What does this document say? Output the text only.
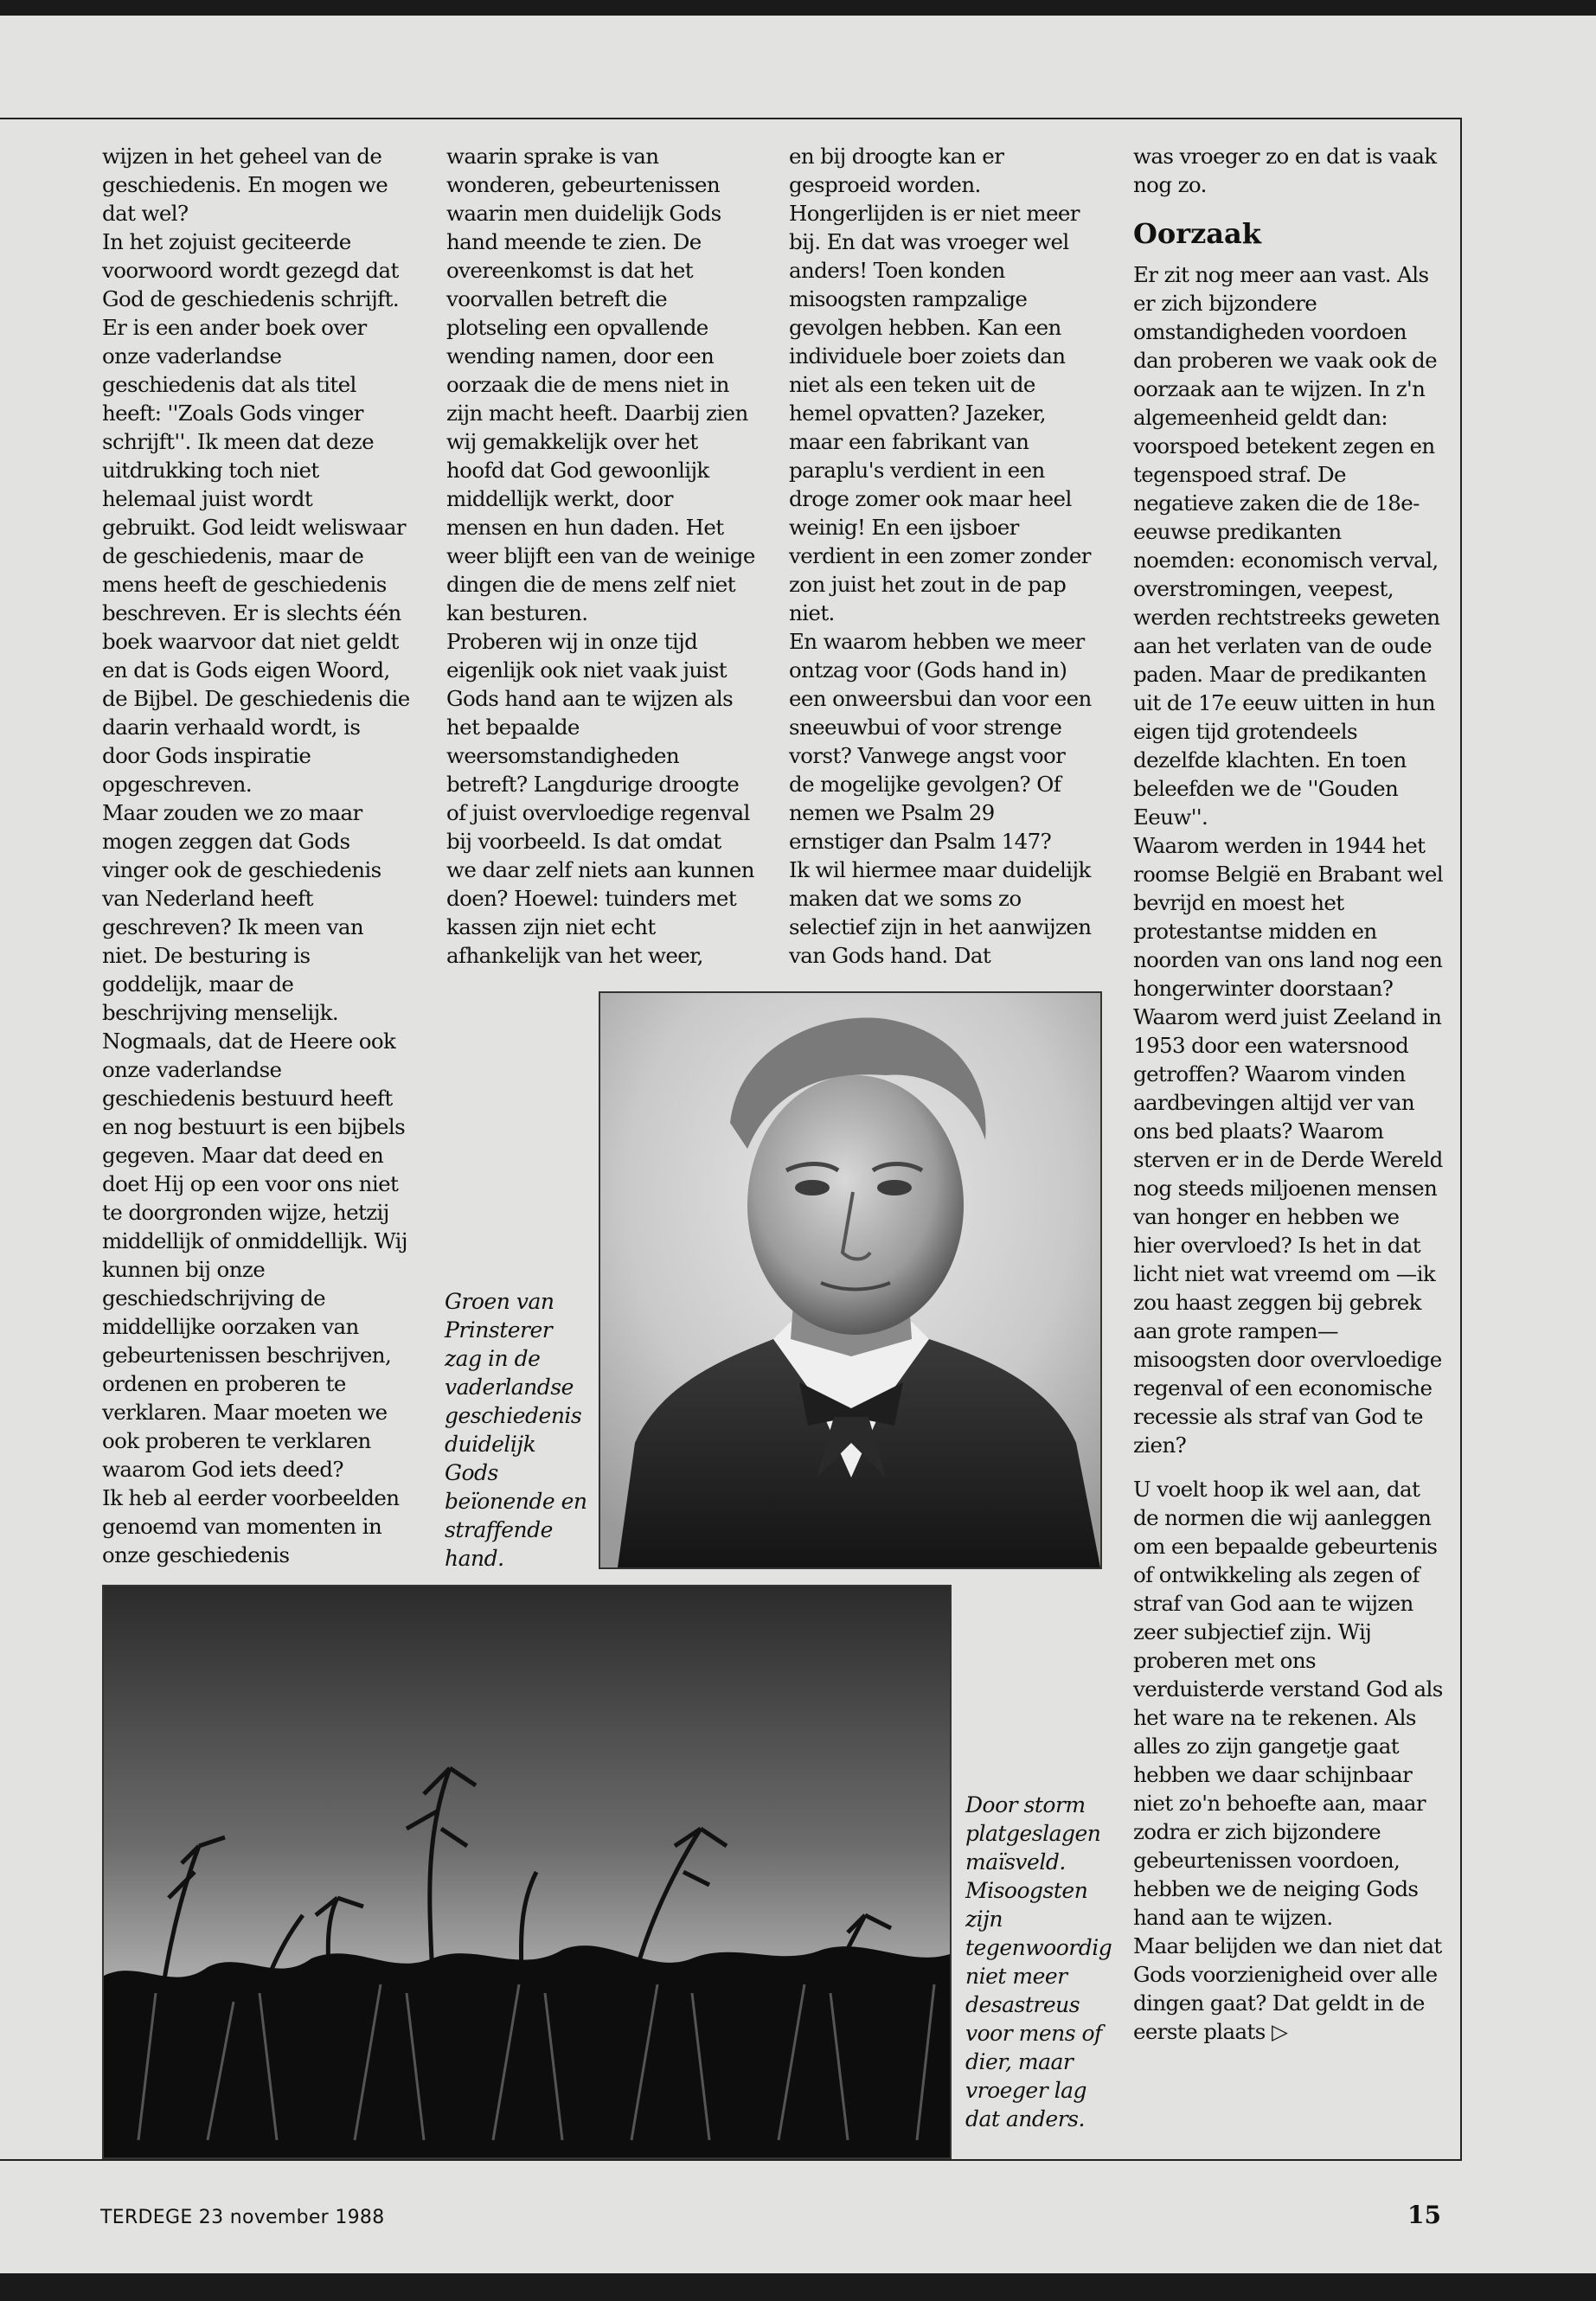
wijzen in het geheel van de geschiedenis. En mogen we dat wel?

In het zojuist geciteerde voorwoord wordt gezegd dat God de geschiedenis schrijft. Er is een ander boek over onze vaderlandse geschiedenis dat als titel heeft: ''Zoals Gods vinger schrijft''. Ik meen dat deze uitdrukking toch niet helemaal juist wordt gebruikt. God leidt weliswaar de geschiedenis, maar de mens heeft de geschiedenis beschreven. Er is slechts één boek waarvoor dat niet geldt en dat is Gods eigen Woord, de Bijbel. De geschiedenis die daarin verhaald wordt, is door Gods inspiratie opgeschreven.

Maar zouden we zo maar mogen zeggen dat Gods vinger ook de geschiedenis van Nederland heeft geschreven? Ik meen van niet. De besturing is goddelijk, maar de beschrijving menselijk. Nogmaals, dat de Heere ook onze vaderlandse geschiedenis bestuurd heeft en nog bestuurt is een bijbels gegeven. Maar dat deed en doet Hij op een voor ons niet te doorgronden wijze, hetzij middellijk of onmiddellijk. Wij kunnen bij onze geschiedschrijving de middellijke oorzaken van gebeurtenissen beschrijven, ordenen en proberen te verklaren. Maar moeten we ook proberen te verklaren waarom God iets deed?

Ik heb al eerder voorbeelden genoemd van momenten in onze geschiedenis

waarin sprake is van wonderen, gebeurtenissen waarin men duidelijk Gods hand meende te zien. De overeenkomst is dat het voorvallen betreft die plotseling een opvallende wending namen, door een oorzaak die de mens niet in zijn macht heeft. Daarbij zien wij gemakkelijk over het hoofd dat God gewoonlijk middellijk werkt, door mensen en hun daden. Het weer blijft een van de weinige dingen die de mens zelf niet kan besturen.

Proberen wij in onze tijd eigenlijk ook niet vaak juist Gods hand aan te wijzen als het bepaalde weersomstandigheden betreft? Langdurige droogte of juist overvloedige regenval bij voorbeeld. Is dat omdat we daar zelf niets aan kunnen doen? Hoewel: tuinders met kassen zijn niet echt afhankelijk van het weer,

en bij droogte kan er gesproeid worden. Hongerlijden is er niet meer bij. En dat was vroeger wel anders! Toen konden misoogsten rampzalige gevolgen hebben. Kan een individuele boer zoiets dan niet als een teken uit de hemel opvatten? Jazeker, maar een fabrikant van paraplu's verdient in een droge zomer ook maar heel weinig! En een ijsboer verdient in een zomer zonder zon juist het zout in de pap niet.

En waarom hebben we meer ontzag voor (Gods hand in) een onweersbui dan voor een sneeuwbui of voor strenge vorst? Vanwege angst voor de mogelijke gevolgen? Of nemen we Psalm 29 ernstiger dan Psalm 147?

Ik wil hiermee maar duidelijk maken dat we soms zo selectief zijn in het aanwijzen van Gods hand. Dat

was vroeger zo en dat is vaak nog zo.

Oorzaak

Er zit nog meer aan vast. Als er zich bijzondere omstandigheden voordoen dan proberen we vaak ook de oorzaak aan te wijzen. In z'n algemeenheid geldt dan: voorspoed betekent zegen en tegenspoed straf. De negatieve zaken die de 18e-eeuwse predikanten noemden: economisch verval, overstromingen, veepest, werden rechtstreeks geweten aan het verlaten van de oude paden. Maar de predikanten uit de 17e eeuw uitten in hun eigen tijd grotendeels dezelfde klachten. En toen beleefden we de ''Gouden Eeuw''.

Waarom werden in 1944 het roomse België en Brabant wel bevrijd en moest het protestantse midden en noorden van ons land nog een hongerwinter doorstaan? Waarom werd juist Zeeland in 1953 door een watersnood getroffen? Waarom vinden aardbevingen altijd ver van ons bed plaats? Waarom sterven er in de Derde Wereld nog steeds miljoenen mensen van honger en hebben we hier overvloed? Is het in dat licht niet wat vreemd om —ik zou haast zeggen bij gebrek aan grote rampen— misoogsten door overvloedige regenval of een economische recessie als straf van God te zien?

U voelt hoop ik wel aan, dat de normen die wij aanleggen om een bepaalde gebeurtenis of ontwikkeling als zegen of straf van God aan te wijzen zeer subjectief zijn. Wij proberen met ons verduisterde verstand God als het ware na te rekenen. Als alles zo zijn gangetje gaat hebben we daar schijnbaar niet zo'n behoefte aan, maar zodra er zich bijzondere gebeurtenissen voordoen, hebben we de neiging Gods hand aan te wijzen.

Maar belijden we dan niet dat Gods voorzienigheid over alle dingen gaat? Dat geldt in de eerste plaats ▷

Groen van Prinsterer zag in de vaderlandse geschiedenis duidelijk Gods beïonende en straffende hand.
Door storm platgeslagen maïsveld. Misoogsten zijn tegenwoordig niet meer desastreus voor mens of dier, maar vroeger lag dat anders.
TERDEGE 23 november 1988	15
